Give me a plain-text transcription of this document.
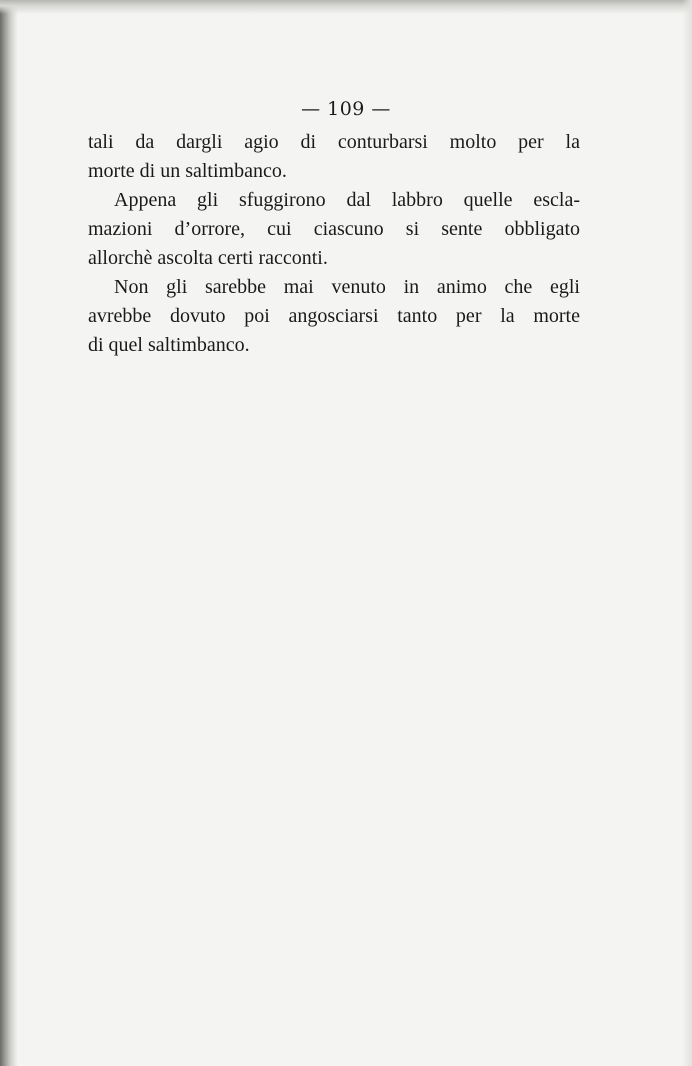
— 109 —
tali da dargli agio di conturbarsi molto per la
morte di un saltimbanco.
Appena gli sfuggirono dal labbro quelle escla-
mazioni d’orrore, cui ciascuno si sente obbligato
allorchè ascolta certi racconti.
Non gli sarebbe mai venuto in animo che egli
avrebbe dovuto poi angosciarsi tanto per la morte
di quel saltimbanco.
